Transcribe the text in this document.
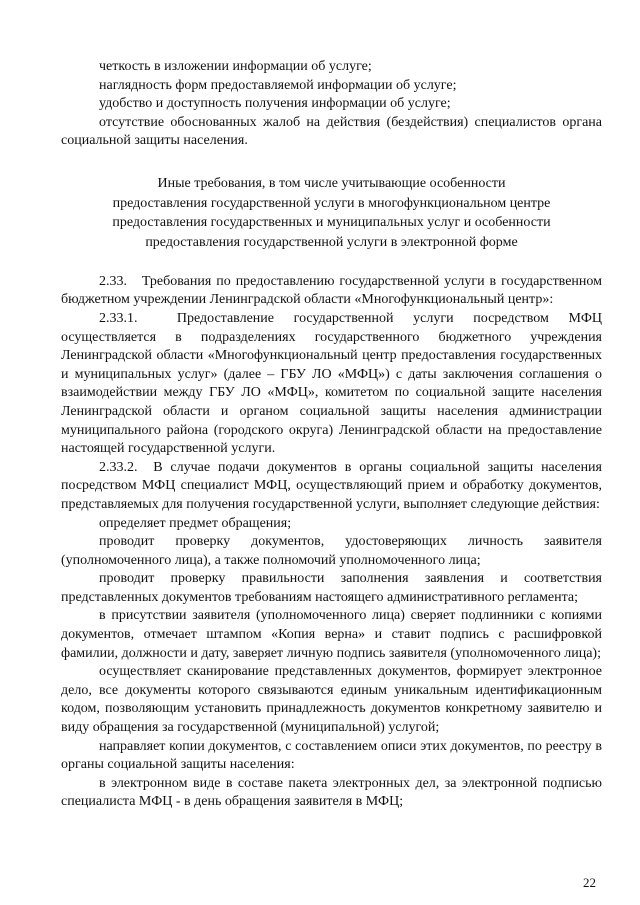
четкость в изложении информации об услуге;

наглядность форм предоставляемой информации об услуге;

удобство и доступность получения информации об услуге;

отсутствие обоснованных жалоб на действия (бездействия) специалистов органа социальной защиты населения.

Иные требования, в том числе учитывающие особенности
предоставления государственной услуги в многофункциональном центре
предоставления государственных и муниципальных услуг и особенности
предоставления государственной услуги в электронной форме

2.33.   Требования по предоставлению государственной услуги в государственном бюджетном учреждении Ленинградской области «Многофункциональный центр»:

2.33.1.  Предоставление государственной услуги посредством МФЦ осуществляется в подразделениях государственного бюджетного учреждения Ленинградской области «Многофункциональный центр предоставления государственных и муниципальных услуг» (далее – ГБУ ЛО «МФЦ») с даты заключения соглашения о взаимодействии между ГБУ ЛО «МФЦ», комитетом по социальной защите населения Ленинградской области и органом социальной защиты населения администрации муниципального района (городского округа) Ленинградской области на предоставление настоящей государственной услуги.

2.33.2.  В случае подачи документов в органы социальной защиты населения посредством МФЦ специалист МФЦ, осуществляющий прием и обработку документов, представляемых для получения государственной услуги, выполняет следующие действия:

определяет предмет обращения;

проводит проверку документов, удостоверяющих личность заявителя (уполномоченного лица), а также полномочий уполномоченного лица;

проводит проверку правильности заполнения заявления и соответствия представленных документов требованиям настоящего административного регламента;

в присутствии заявителя (уполномоченного лица) сверяет подлинники с копиями документов, отмечает штампом «Копия верна» и ставит подпись с расшифровкой фамилии, должности и дату, заверяет личную подпись заявителя (уполномоченного лица);

осуществляет сканирование представленных документов, формирует электронное дело, все документы которого связываются единым уникальным идентификационным кодом, позволяющим установить принадлежность документов конкретному заявителю и виду обращения за государственной (муниципальной) услугой;

направляет копии документов, с составлением описи этих документов, по реестру в органы социальной защиты населения:

в электронном виде в составе пакета электронных дел, за электронной подписью специалиста МФЦ - в день обращения заявителя в МФЦ;

22
